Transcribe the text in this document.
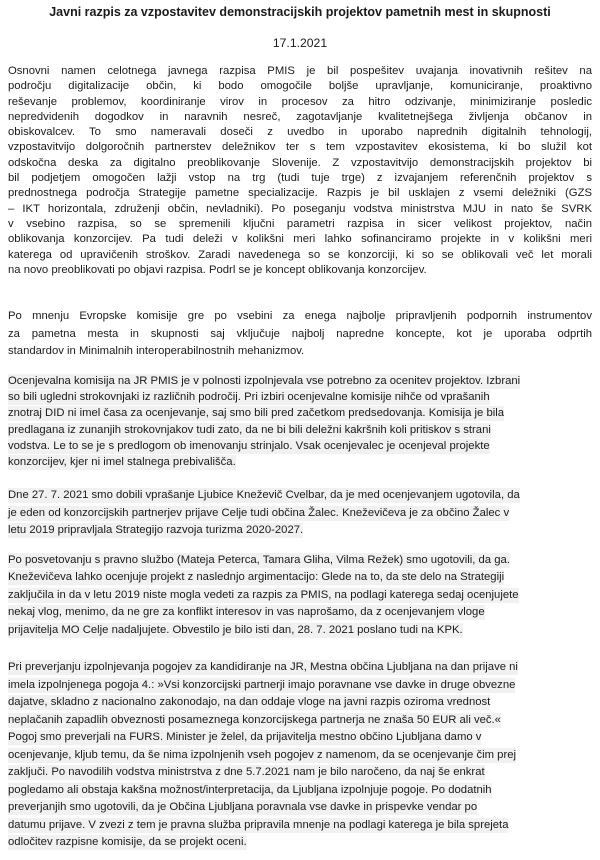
Javni razpis za vzpostavitev demonstracijskih projektov pametnih mest in skupnosti
17.1.2021
Osnovni namen celotnega javnega razpisa PMIS je bil pospešitev uvajanja inovativnih rešitev na
področju digitalizacije občin, ki bodo omogočile boljše upravljanje, komuniciranje, proaktivno
reševanje problemov, koordiniranje virov in procesov za hitro odzivanje, minimiziranje posledic
nepredvidenih dogodkov in naravnih nesreč, zagotavljanje kvalitetnejšega življenja občanov in
obiskovalcev. To smo nameravali doseči z uvedbo in uporabo naprednih digitalnih tehnologij,
vzpostavitvijo dolgoročnih partnerstev deležnikov ter s tem vzpostavitev ekosistema, ki bo služil kot
odskočna deska za digitalno preoblikovanje Slovenije. Z vzpostavitvijo demonstracijskih projektov bi
bil podjetjem omogočen lažji vstop na trg (tudi tuje trge) z izvajanjem referenčnih projektov s
prednostnega področja Strategije pametne specializacije. Razpis je bil usklajen z vsemi deležniki (GZS
– IKT horizontala, združenji občin, nevladniki). Po poseganju vodstva ministrstva MJU in nato še SVRK
v vsebino razpisa, so se spremenili ključni parametri razpisa in sicer velikost projektov, način
oblikovanja konzorcijev. Pa tudi deleži v kolikšni meri lahko sofinanciramo projekte in v kolikšni meri
katerega od upravičenih stroškov. Zaradi navedenega so se konzorciji, ki so se oblikovali več let morali
na novo preoblikovati po objavi razpisa. Podrl se je koncept oblikovanja konzorcijev.
Po mnenju Evropske komisije gre po vsebini za enega najbolje pripravljenih podpornih instrumentov
za pametna mesta in skupnosti saj vključuje najbolj napredne koncepte, kot je uporaba odprtih
standardov in Minimalnih interoperabilnostnih mehanizmov.
Ocenjevalna komisija na JR PMIS je v polnosti izpolnjevala vse potrebno za ocenitev projektov. Izbrani
so bili ugledni strokovnjaki iz različnih področij. Pri izbiri ocenjevalne komisije nihče od vprašanih
znotraj DID ni imel časa za ocenjevanje, saj smo bili pred začetkom predsedovanja. Komisija je bila
predlagana iz zunanjih strokovnjakov tudi zato, da ne bi bili deležni kakršnih koli pritiskov s strani
vodstva. Le to se je s predlogom ob imenovanju strinjalo. Vsak ocenjevalec je ocenjeval projekte
konzorcijev, kjer ni imel stalnega prebivališča.
Dne 27. 7. 2021 smo dobili vprašanje Ljubice Kneževič Cvelbar, da je med ocenjevanjem ugotovila, da
je eden od konzorcijskih partnerjev prijave Celje tudi občina Žalec. Kneževičeva je za občino Žalec v
letu 2019 pripravljala Strategijo razvoja turizma 2020-2027.
Po posvetovanju s pravno službo (Mateja Peterca, Tamara Gliha, Vilma Režek) smo ugotovili, da ga.
Kneževičeva lahko ocenjuje projekt z naslednjo argimentacijo: Glede na to, da ste delo na Strategiji
zaključila in da v letu 2019 niste mogla vedeti za razpis za PMIS, na podlagi katerega sedaj ocenjujete
nekaj vlog, menimo, da ne gre za konflikt interesov in vas naprošamo, da z ocenjevanjem vloge
prijavitelja MO Celje nadaljujete. Obvestilo je bilo isti dan, 28. 7. 2021 poslano tudi na KPK.
Pri preverjanju izpolnjevanja pogojev za kandidiranje na JR, Mestna občina Ljubljana na dan prijave ni
imela izpolnjenega pogoja 4.: »Vsi konzorcijski partnerji imajo poravnane vse davke in druge obvezne
dajatve, skladno z nacionalno zakonodajo, na dan oddaje vloge na javni razpis oziroma vrednost
neplačanih zapadlih obveznosti posameznega konzorcijskega partnerja ne znaša 50 EUR ali več.«
Pogoj smo preverjali na FURS. Minister je želel, da prijavitelja mestno občino Ljubljana damo v
ocenjevanje, kljub temu, da še nima izpolnjenih vseh pogojev z namenom, da se ocenjevanje čim prej
zaključi. Po navodilih vodstva ministrstva z dne 5.7.2021 nam je bilo naročeno, da naj še enkrat
pogledamo ali obstaja kakšna možnost/interpretacija, da Ljubljana izpolnjuje pogoje. Po dodatnih
preverjanjih smo ugotovili, da je Občina Ljubljana poravnala vse davke in prispevke vendar po
datumu prijave. V zvezi z tem je pravna služba pripravila mnenje na podlagi katerega je bila sprejeta
odločitev razpisne komisije, da se projekt oceni.
